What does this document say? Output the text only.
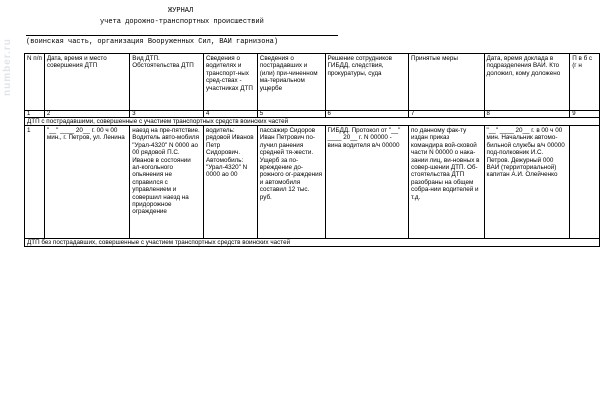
number.ru
ЖУРНАЛ
учета дорожно-транспортных происшествий
(воинская часть, организация Вооруженных Сил, ВАИ гарнизона)
N п/п	Дата, время и место совершения ДТП	Вид ДТП. Обстоятельства ДТП	Сведения о водителях и транспорт-ных сред-ствах - участниках ДТП	Сведения о пострадавших и (или) при-чиненном ма-териальном ущербе	Решение сотрудников ГИБДД, следствия, прокуратуры, суда	Принятые меры	Дата, время доклада в подразделения ВАИ. Кто доложил, кому доложено	П в б с (г н
1	2	3	4	5	6	7	8	9
ДТП с пострадавшими, совершенные с участием транспортных средств воинских частей								
1	"__" ____ 20__ г. 00 ч 00 мин., г. Петров, ул. Ленина	наезд на пре-пятствие. Водитель авто-мобиля "Урал-4320" N 0000 ао 00 рядовой П.С. Иванов в состоянии ал-когольного опьянения не справился с управлением и совершил наезд на придорожное ограждение	водитель: рядовой Иванов Петр Сидорович. Автомобиль: "Урал-4320" N 0000 ао 00	пассажир Сидоров Иван Петрович по-лучил ранения средней тя-жести. Ущерб за по-вреждение до-рожного ог-раждения и автомобиля составил 12 тыс. руб.	ГИБДД. Протокол от "__" ____ 20__ г. N 00000 - вина водителя в/ч 00000	по данному фак-ту издан приказ командира вой-сковой части N 00000 о нака-зании лиц, ви-новных в совер-шении ДТП. Об-стоятельства ДТП разобраны на общем собра-нии водителей и т.д.	"__" ____ 20__ г. в 00 ч 00 мин. Начальник автомо-бильной службы в/ч 00000 под-полковник И.С. Петров. Дежурный 000 ВАИ (территориальной) капитан А.И. Олейченко	
ДТП без пострадавших, совершенные с участием транспортных средств воинских частей								
